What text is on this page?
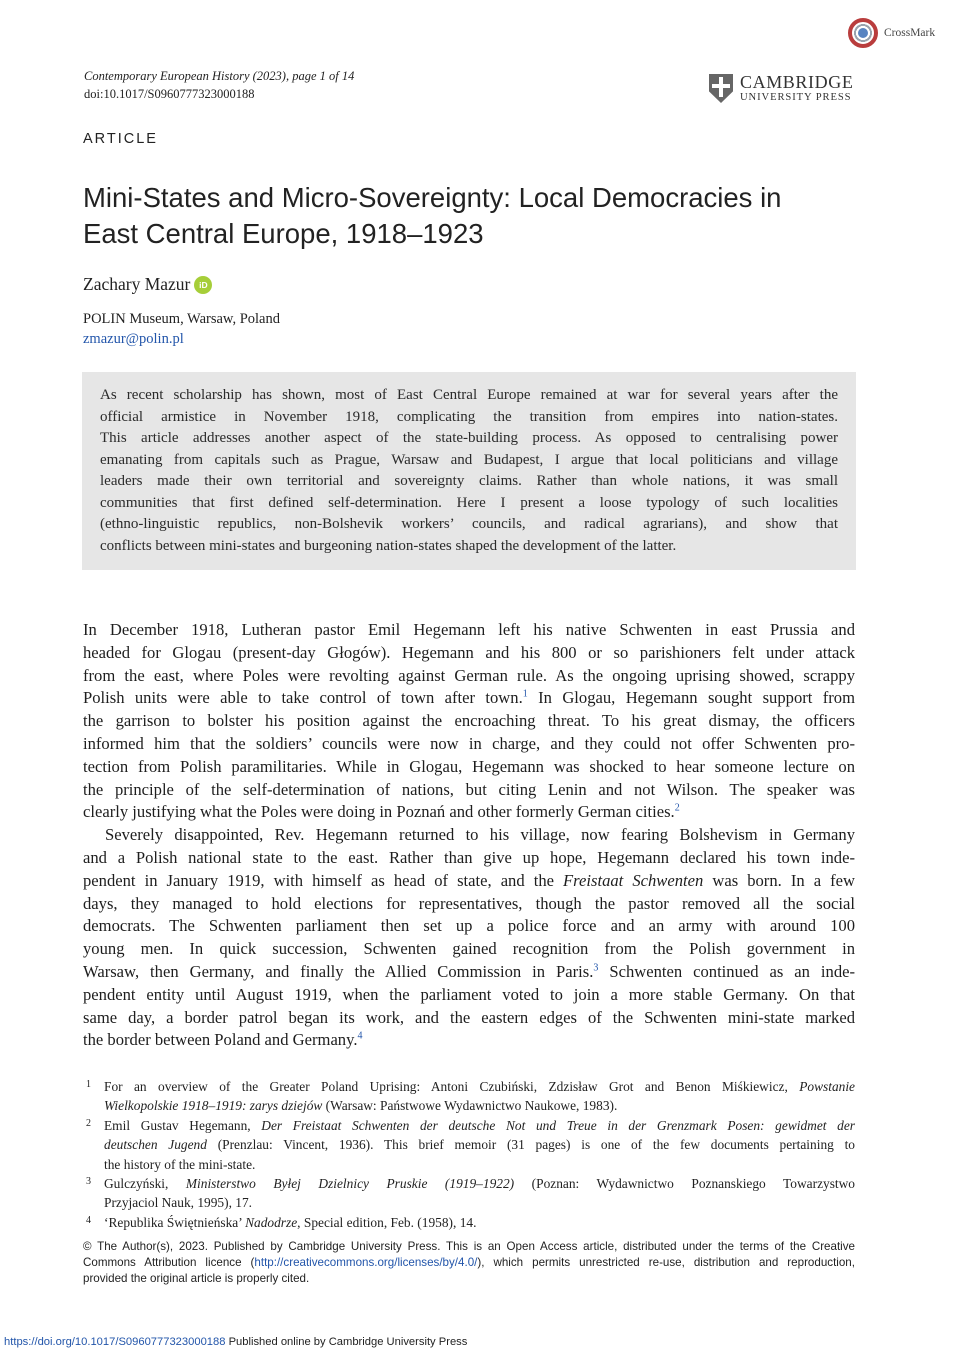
CrossMark
Contemporary European History (2023), page 1 of 14
doi:10.1017/S0960777323000188
CAMBRIDGE
UNIVERSITY PRESS
ARTICLE
Mini-States and Micro-Sovereignty: Local Democracies in
East Central Europe, 1918–1923
Zachary Mazur	iD
POLIN Museum, Warsaw, Poland
zmazur@polin.pl

As recent scholarship has shown, most of East Central Europe remained at war for several years after the
official armistice in November 1918, complicating the transition from empires into nation-states.
This article addresses another aspect of the state-building process. As opposed to centralising power
emanating from capitals such as Prague, Warsaw and Budapest, I argue that local politicians and village
leaders made their own territorial and sovereignty claims. Rather than whole nations, it was small
communities that first defined self-determination. Here I present a loose typology of such localities
(ethno-linguistic republics, non-Bolshevik workers’ councils, and radical agrarians), and show that
conflicts between mini-states and burgeoning nation-states shaped the development of the latter.

In December 1918, Lutheran pastor Emil Hegemann left his native Schwenten in east Prussia and
headed for Glogau (present-day Głogów). Hegemann and his 800 or so parishioners felt under attack
from the east, where Poles were revolting against German rule. As the ongoing uprising showed, scrappy
Polish units were able to take control of town after town.$^1$ In Glogau, Hegemann sought support from
the garrison to bolster his position against the encroaching threat. To his great dismay, the officers
informed him that the soldiers’ councils were now in charge, and they could not offer Schwenten pro-
tection from Polish paramilitaries. While in Glogau, Hegemann was shocked to hear someone lecture on
the principle of the self-determination of nations, but citing Lenin and not Wilson. The speaker was
clearly justifying what the Poles were doing in Poznań and other formerly German cities.$^2$
Severely disappointed, Rev. Hegemann returned to his village, now fearing Bolshevism in Germany
and a Polish national state to the east. Rather than give up hope, Hegemann declared his town inde-
pendent in January 1919, with himself as head of state, and the Freistaat Schwenten was born. In a few
days, they managed to hold elections for representatives, though the pastor removed all the social
democrats. The Schwenten parliament then set up a police force and an army with around 100
young men. In quick succession, Schwenten gained recognition from the Polish government in
Warsaw, then Germany, and finally the Allied Commission in Paris.$^3$ Schwenten continued as an inde-
pendent entity until August 1919, when the parliament voted to join a more stable Germany. On that
same day, a border patrol began its work, and the eastern edges of the Schwenten mini-state marked
the border between Poland and Germany.$^4$
1 For an overview of the Greater Poland Uprising: Antoni Czubiński, Zdzisław Grot and Benon Miśkiewicz, Powstanie
Wielkopolskie 1918–1919: zarys dziejów (Warsaw: Państwowe Wydawnictwo Naukowe, 1983).
2 Emil Gustav Hegemann, Der Freistaat Schwenten der deutsche Not und Treue in der Grenzmark Posen: gewidmet der
deutschen Jugend (Prenzlau: Vincent, 1936). This brief memoir (31 pages) is one of the few documents pertaining to
the history of the mini-state.
3 Gulczyński, Ministerstwo Byłej Dzielnicy Pruskie (1919–1922) (Poznan: Wydawnictwo Poznanskiego Towarzystwo
Przyjaciol Nauk, 1995), 17.
4 ‘Republika Świętnieńska’ Nadodrze, Special edition, Feb. (1958), 14.
© The Author(s), 2023. Published by Cambridge University Press. This is an Open Access article, distributed under the terms of the Creative
Commons Attribution licence (http://creativecommons.org/licenses/by/4.0/), which permits unrestricted re-use, distribution and reproduction,
provided the original article is properly cited.
https://doi.org/10.1017/S0960777323000188 Published online by Cambridge University Press
